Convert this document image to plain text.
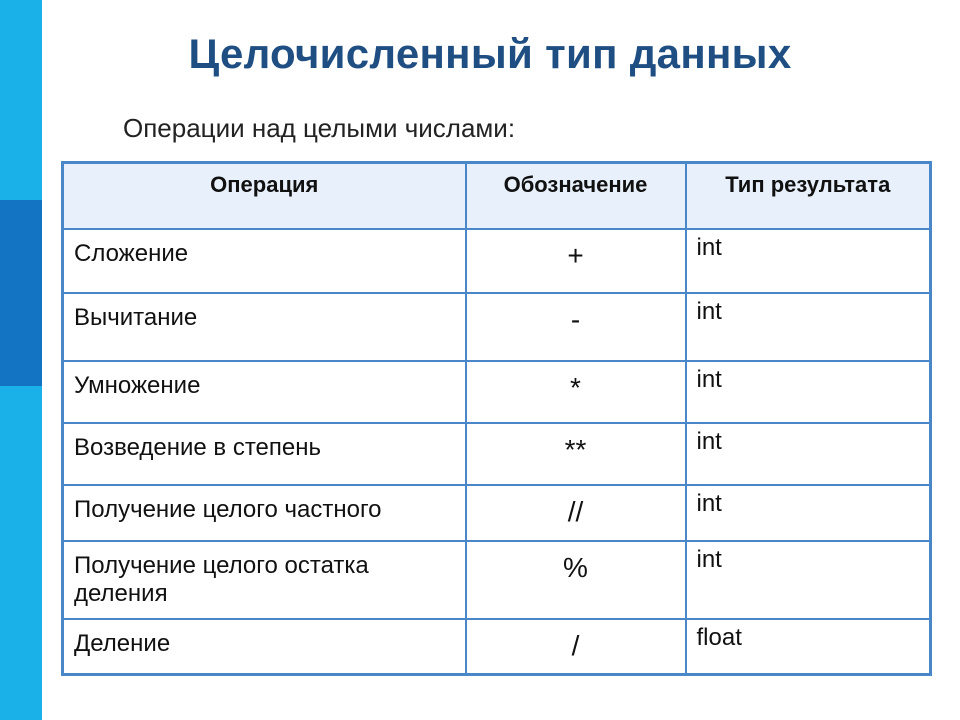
Целочисленный тип данных
Операции над целыми числами:
Операция	Обозначение	Тип результата
Сложение	+	int
Вычитание	-	int
Умножение	*	int
Возведение в степень	**	int
Получение целого частного	//	int
Получение целого остатка деления	%	int
Деление	/	float
